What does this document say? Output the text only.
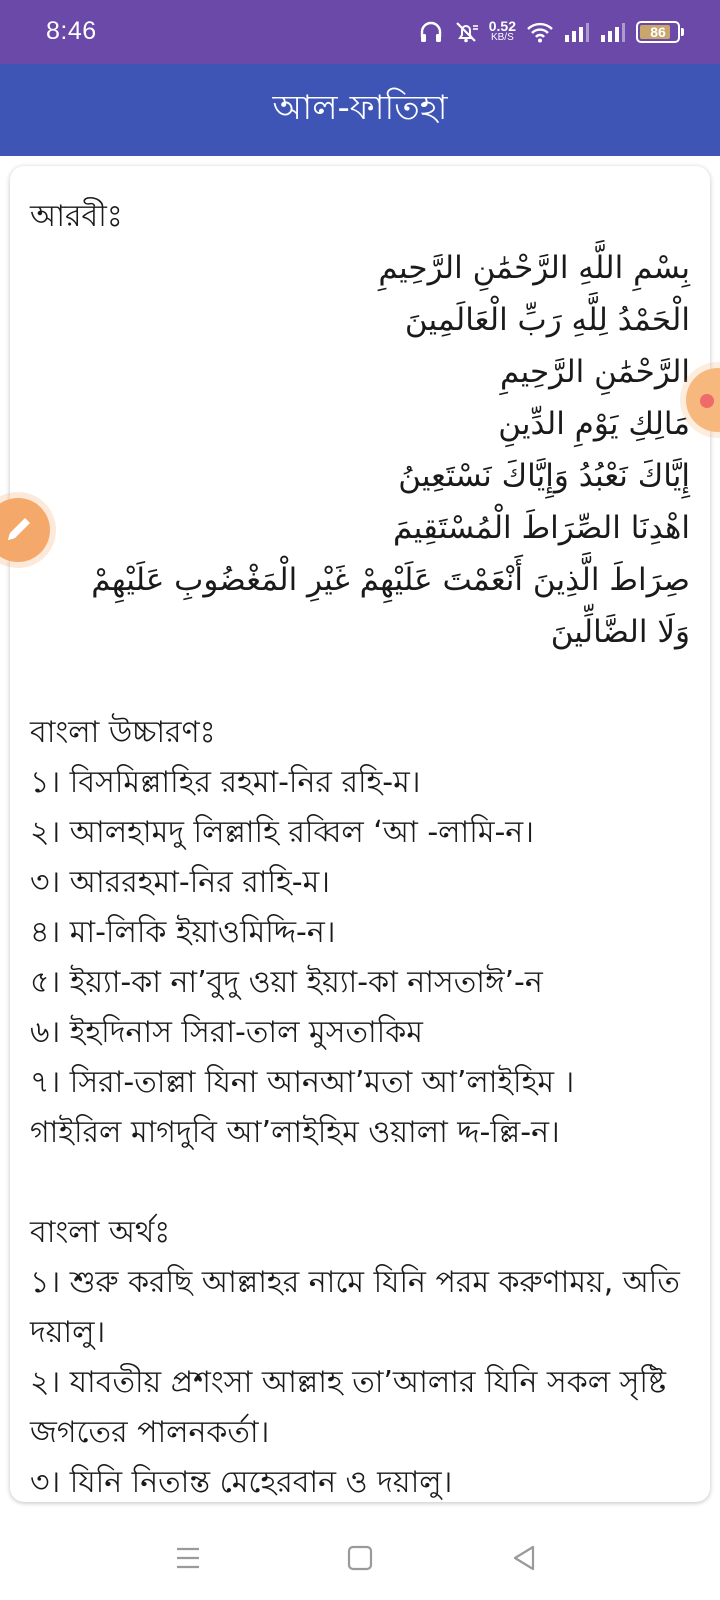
8:46	0.52
KB/S	86
আল-ফাতিহা
আরবীঃ
بِسْمِ اللَّهِ الرَّحْمَٰنِ الرَّحِيمِ
الْحَمْدُ لِلَّهِ رَبِّ الْعَالَمِينَ
الرَّحْمَٰنِ الرَّحِيمِ
مَالِكِ يَوْمِ الدِّينِ
إِيَّاكَ نَعْبُدُ وَإِيَّاكَ نَسْتَعِينُ
اهْدِنَا الصِّرَاطَ الْمُسْتَقِيمَ
صِرَاطَ الَّذِينَ أَنْعَمْتَ عَلَيْهِمْ غَيْرِ الْمَغْضُوبِ عَلَيْهِمْ
وَلَا الضَّالِّينَ
বাংলা উচ্চারণঃ
১। বিসমিল্লাহির রহমা-নির রহি-ম।
২। আলহামদু লিল্লাহি রব্বিল ‘আ -লামি-ন।
৩। আররহমা-নির রাহি-ম।
৪। মা-লিকি ইয়াওমিদ্দি-ন।
৫। ইয়্যা-কা না’বুদু ওয়া ইয়্যা-কা নাসতাঈ’-ন
৬। ইহদিনাস সিরা-তাল মুসতাকিম
৭। সিরা-তাল্লা যিনা আনআ’মতা আ’লাইহিম ।
গাইরিল মাগদুবি আ’লাইহিম ওয়ালা দ্দ-ল্লি-ন।
বাংলা অর্থঃ
১। শুরু করছি আল্লাহর নামে যিনি পরম করুণাময়, অতি দয়ালু।
২। যাবতীয় প্রশংসা আল্লাহ তা’আলার যিনি সকল সৃষ্টি জগতের পালনকর্তা।
৩। যিনি নিতান্ত মেহেরবান ও দয়ালু।
